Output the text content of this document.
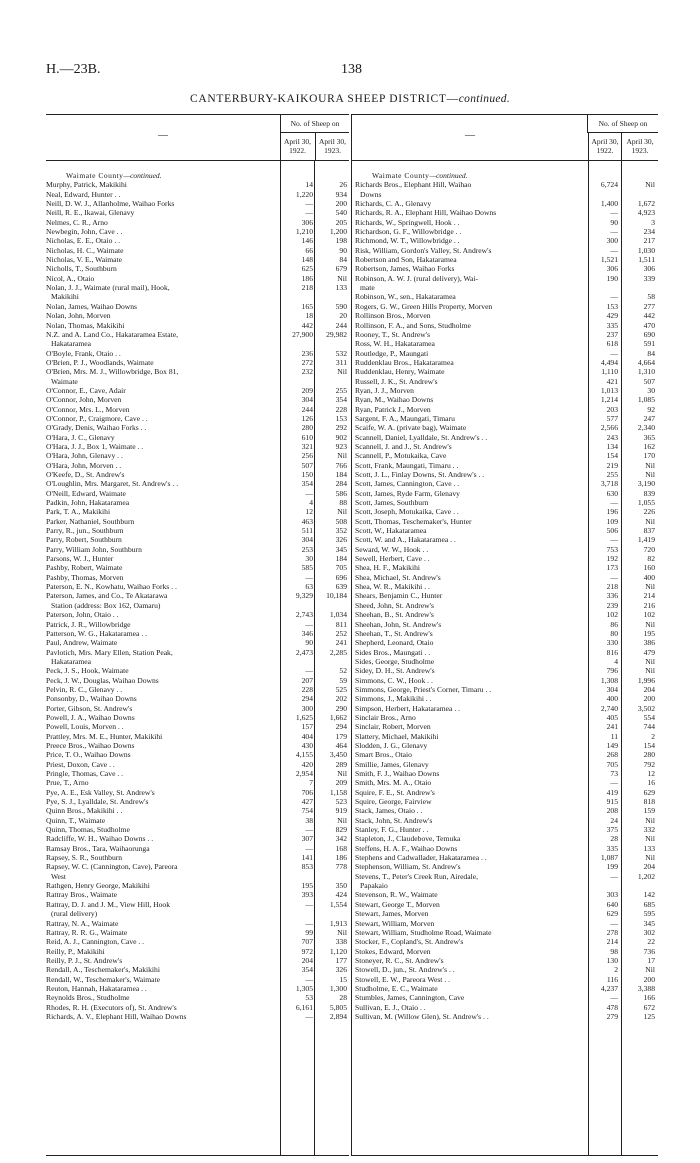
H.—23B.	138
CANTERBURY-KAIKOURA SHEEP DISTRICT—continued.
—
No. of Sheep on
April 30,
1922.
April 30,
1923.
Waimate County—continued.
Murphy, Patrick, Makikihi	14	26
Neal, Edward, Hunter . .	1,220	934
Neill, D. W. J., Allanholme, Waihao Forks	—	200
Neill, R. E., Ikawai, Glenavy	—	540
Nelmes, C. R., Arno	306	205
Newbegin, John, Cave . .	1,210	1,200
Nicholas, E. E., Otaio . .	146	198
Nicholas, H. C., Waimate	66	90
Nicholas, V. E., Waimate	148	84
Nicholls, T., Southburn	625	679
Nicol, A., Otaio	186	Nil
Nolan, J. J., Waimate (rural mail), Hook,	218	133
Makikihi
Nolan, James, Waihao Downs	165	590
Nolan, John, Morven	18	20
Nolan, Thomas, Makikihi	442	244
N.Z. and A. Land Co., Hakataramea Estate,	27,900	29,982
Hakataramea
O'Boyle, Frank, Otaio . .	236	532
O'Brien, P. J., Woodlands, Waimate	272	311
O'Brien, Mrs. M. J., Willowbridge, Box 81,	232	Nil
Waimate
O'Connor, E., Cave, Adair	209	255
O'Connor, John, Morven	304	354
O'Connor, Mrs. L., Morven	244	228
O'Connor, P., Craigmore, Cave . .	126	153
O'Grady, Denis, Waihao Forks . .	280	292
O'Hara, J. C., Glenavy	610	902
O'Hara, J. J., Box 1, Waimate . .	321	923
O'Hara, John, Glenavy . .	256	Nil
O'Hara, John, Morven . .	507	766
O'Keefe, D., St. Andrew's	150	184
O'Loughlin, Mrs. Margaret, St. Andrew's . .	354	284
O'Neill, Edward, Waimate	—	586
Padkin, John, Hakataramea	4	88
Park, T. A., Makikihi	12	Nil
Parker, Nathaniel, Southburn	463	508
Parry, R., jun., Southburn	511	352
Parry, Robert, Southburn	304	326
Parry, William John, Southburn	253	345
Parsons, W. J., Hunter	30	184
Pashby, Robert, Waimate	585	705
Pashby, Thomas, Morven	—	696
Paterson, E. N., Kowhatu, Waihao Forks . .	63	639
Paterson, James, and Co., Te Akatarawa	9,329	10,184
Station (address: Box 162, Oamaru)
Paterson, John, Otaio . .	2,743	1,034
Patrick, J. R., Willowbridge	—	811
Patterson, W. G., Hakataramea . .	346	252
Paul, Andrew, Waimate	90	241
Pavlotich, Mrs. Mary Ellen, Station Peak,	2,473	2,285
Hakataramea
Peck, J. S., Hook, Waimate	—	52
Peck, J. W., Douglas, Waihao Downs	207	59
Pelvin, R. C., Glenavy . .	228	525
Ponsonby, D., Waihao Downs	294	202
Porter, Gibson, St. Andrew's	300	290
Powell, J. A., Waihao Downs	1,625	1,662
Powell, Louis, Morven . .	157	294
Prattley, Mrs. M. E., Hunter, Makikihi	404	179
Preece Bros., Waihao Downs	430	464
Price, T. O., Waihao Downs	4,155	3,450
Priest, Doxon, Cave . .	420	289
Pringle, Thomas, Cave . .	2,954	Nil
Prue, T., Arno	7	209
Pye, A. E., Esk Valley, St. Andrew's	706	1,158
Pye, S. J., Lyalldale, St. Andrew's	427	523
Quinn Bros., Makikihi . .	754	919
Quinn, T., Waimate	38	Nil
Quinn, Thomas, Studholme	—	829
Radcliffe, W. H., Waihao Downs . .	307	342
Ramsay Bros., Tara, Waihaorunga	—	168
Rapsey, S. R., Southburn	141	186
Rapsey, W. C. (Cannington, Cave), Pareora	853	778
West
Rathgen, Henry George, Makikihi	195	350
Rattray Bros., Waimate	393	424
Rattray, D. J. and J. M., View Hill, Hook	—	1,554
(rural delivery)
Rattray, N. A., Waimate	—	1,913
Rattray, R. R. G., Waimate	99	Nil
Reid, A. J., Cannington, Cave . .	707	338
Reilly, P., Makikihi	972	1,120
Reilly, P. J., St. Andrew's	204	177
Rendall, A., Teschemaker's, Makikihi	354	326
Rendall, W., Teschemaker's, Waimate	—	15
Reuton, Hannah, Hakataramea . .	1,305	1,300
Reynolds Bros., Studholme	53	28
Rhodes, R. H. (Executors of), St. Andrew's	6,161	5,805
Richards, A. V., Elephant Hill, Waihao Downs	—	2,894
—
No. of Sheep on
April 30,
1922.
April 30,
1923.
Waimate County—continued.
Richards Bros., Elephant Hill, Waihao	6,724	Nil
Downs
Richards, C. A., Glenavy	1,400	1,672
Richards, R. A., Elephant Hill, Waihao Downs	—	4,923
Richards, W., Springwell, Hook . .	90	3
Richardson, G. F., Willowbridge . .	—	234
Richmond, W. T., Willowbridge . .	300	217
Risk, William, Gordon's Valley, St. Andrew's	—	1,030
Robertson and Son, Hakataramea	1,521	1,511
Robertson, James, Waihao Forks	306	306
Robinson, A. W. J. (rural delivery), Wai-	190	339
mate
Robinson, W., sen., Hakataramea	—	58
Rogers, G. W., Green Hills Property, Morven	153	277
Rollinson Bros., Morven	429	442
Rollinson, F. A., and Sons, Studholme	335	470
Rooney, T., St. Andrew's	237	690
Ross, W. H., Hakataramea	618	591
Routledge, P., Maungati	—	84
Ruddenklau Bros., Hakataramea	4,494	4,664
Ruddenklau, Henry, Waimate	1,110	1,310
Russell, J. K., St. Andrew's	421	507
Ryan, J. J., Morven	1,013	30
Ryan, M., Waihao Downs	1,214	1,085
Ryan, Patrick J., Morven	203	92
Sargent, F. A., Maungati, Timaru	577	247
Scaife, W. A. (private bag), Waimate	2,566	2,340
Scannell, Daniel, Lyalldale, St. Andrew's . .	243	365
Scannell, J. and J., St. Andrew's	134	162
Scannell, P., Motukaika, Cave	154	170
Scott, Frank, Maungati, Timaru . .	219	Nil
Scott, J. L., Finlay Downs, St. Andrew's . .	255	Nil
Scott, James, Cannington, Cave . .	3,718	3,190
Scott, James, Ryde Farm, Glenavy	630	839
Scott, James, Southburn	—	1,055
Scott, Joseph, Motukaika, Cave . .	196	226
Scott, Thomas, Teschemaker's, Hunter	109	Nil
Scott, W., Hakataramea	506	837
Scott, W. and A., Hakataramea . .	—	1,419
Seward, W. W., Hook . .	753	720
Sewell, Herbert, Cave . .	192	82
Shea, H. F., Makikihi	173	160
Shea, Michael, St. Andrew's	—	400
Shea, W. R., Makikihi . .	218	Nil
Shears, Benjamin C., Hunter	336	214
Sheed, John, St. Andrew's	239	216
Sheehan, B., St. Andrew's	102	102
Sheehan, John, St. Andrew's	86	Nil
Sheehan, T., St. Andrew's	80	195
Shepherd, Leonard, Otaio	330	386
Sides Bros., Maungati . .	816	479
Sides, George, Studholme	4	Nil
Sidey, D. H., St. Andrew's	796	Nil
Simmons, C. W., Hook . .	1,308	1,996
Simmons, George, Priest's Corner, Timaru . .	304	204
Simmons, J., Makikihi . .	400	200
Simpson, Herbert, Hakataramea . .	2,740	3,502
Sinclair Bros., Arno	405	554
Sinclair, Robert, Morven	241	744
Slattery, Michael, Makikihi	11	2
Slodden, J. G., Glenavy	149	154
Smart Bros., Otaio	268	280
Smillie, James, Glenavy	705	792
Smith, F. J., Waihao Downs	73	12
Smith, Mrs. M. A., Otaio	—	16
Squire, F. E., St. Andrew's	419	629
Squire, George, Fairview	915	818
Stack, James, Otaio . .	208	159
Stack, John, St. Andrew's	24	Nil
Stanley, F. G., Hunter . .	375	332
Stapleton, J., Claudebove, Temuka	28	Nil
Steffens, H. A. F., Waihao Downs	335	133
Stephens and Cadwallader, Hakataramea . .	1,087	Nil
Stephenson, William, St. Andrew's	199	204
Stevens, T., Peter's Creek Run, Airedale,	—	1,202
Papakaio
Stevenson, R. W., Waimate	303	142
Stewart, George T., Morven	640	685
Stewart, James, Morven	629	595
Stewart, William, Morven	—	345
Stewart, William, Studholme Road, Waimate	278	302
Stocker, F., Copland's, St. Andrew's	214	22
Stokes, Edward, Morven	98	736
Stoneyer, R. C., St. Andrew's	130	17
Stowell, D., jun., St. Andrew's . .	2	Nil
Stowell, E. W., Pareora West . .	116	200
Studholme, E. C., Waimate	4,237	3,388
Stumbles, James, Cannington, Cave	—	166
Sullivan, E. J., Otaio . .	478	672
Sullivan, M. (Willow Glen), St. Andrew's . .	279	125
